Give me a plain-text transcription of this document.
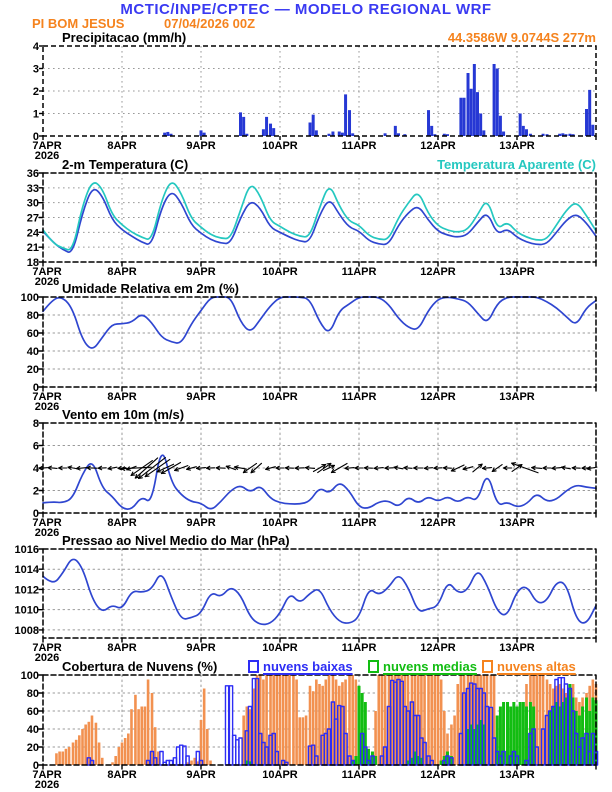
MCTIC/INPE/CPTEC — MODELO REGIONAL WRF
PI BOM JESUS	07/04/2026 00Z
44.3586W 9.0744S 277m
Precipitacao (mm/h)
2-m Temperatura (C)	Temperatura Aparente (C)
Umidade Relativa em 2m (%)
Vento em 10m (m/s)
Pressao ao Nivel Medio do Mar (hPa)
Cobertura de Nuvens (%)	nuvens baixas nuvens medias nuvens altas
